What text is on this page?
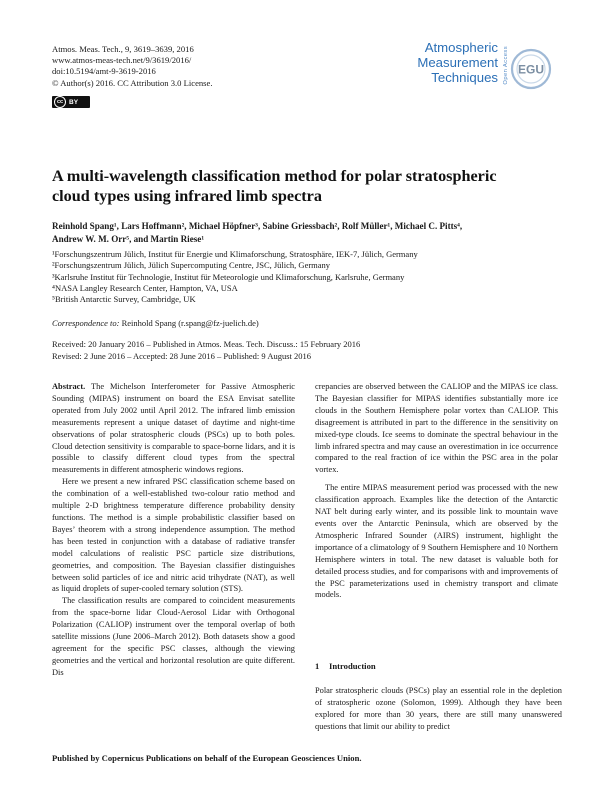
Atmos. Meas. Tech., 9, 3619–3639, 2016
www.atmos-meas-tech.net/9/3619/2016/
doi:10.5194/amt-9-3619-2016
© Author(s) 2016. CC Attribution 3.0 License.
cc BY
Atmospheric
Measurement
Techniques Open Access EGU
A multi-wavelength classification method for polar stratospheric
cloud types using infrared limb spectra
Reinhold Spang¹, Lars Hoffmann², Michael Höpfner³, Sabine Griessbach², Rolf Müller¹, Michael C. Pitts⁴,
Andrew W. M. Orr⁵, and Martin Riese¹
¹Forschungszentrum Jülich, Institut für Energie und Klimaforschung, Stratosphäre, IEK-7, Jülich, Germany
²Forschungszentrum Jülich, Jülich Supercomputing Centre, JSC, Jülich, Germany
³Karlsruhe Institut für Technologie, Institut für Meteorologie und Klimaforschung, Karlsruhe, Germany
⁴NASA Langley Research Center, Hampton, VA, USA
⁵British Antarctic Survey, Cambridge, UK
Correspondence to: Reinhold Spang (r.spang@fz-juelich.de)
Received: 20 January 2016 – Published in Atmos. Meas. Tech. Discuss.: 15 February 2016
Revised: 2 June 2016 – Accepted: 28 June 2016 – Published: 9 August 2016

Abstract. The Michelson Interferometer for Passive Atmospheric Sounding (MIPAS) instrument on board the ESA Envisat satellite operated from July 2002 until April 2012. The infrared limb emission measurements represent a unique dataset of daytime and night-time observations of polar stratospheric clouds (PSCs) up to both poles. Cloud detection sensitivity is comparable to space-borne lidars, and it is possible to classify different cloud types from the spectral measurements in different atmospheric windows regions.

Here we present a new infrared PSC classification scheme based on the combination of a well-established two-colour ratio method and multiple 2-D brightness temperature difference probability density functions. The method is a simple probabilistic classifier based on Bayes’ theorem with a strong independence assumption. The method has been tested in conjunction with a database of radiative transfer model calculations of realistic PSC particle size distributions, geometries, and composition. The Bayesian classifier distinguishes between solid particles of ice and nitric acid trihydrate (NAT), as well as liquid droplets of super-cooled ternary solution (STS).

The classification results are compared to coincident measurements from the space-borne lidar Cloud-Aerosol Lidar with Orthogonal Polarization (CALIOP) instrument over the temporal overlap of both satellite missions (June 2006–March 2012). Both datasets show a good agreement for the specific PSC classes, although the viewing geometries and the vertical and horizontal resolution are quite different. Dis

crepancies are observed between the CALIOP and the MIPAS ice class. The Bayesian classifier for MIPAS identifies substantially more ice clouds in the Southern Hemisphere polar vortex than CALIOP. This disagreement is attributed in part to the difference in the sensitivity on mixed-type clouds. Ice seems to dominate the spectral behaviour in the limb infrared spectra and may cause an overestimation in ice occurrence compared to the real fraction of ice within the PSC area in the polar vortex.

The entire MIPAS measurement period was processed with the new classification approach. Examples like the detection of the Antarctic NAT belt during early winter, and its possible link to mountain wave events over the Antarctic Peninsula, which are observed by the Atmospheric Infrared Sounder (AIRS) instrument, highlight the importance of a climatology of 9 Southern Hemisphere and 10 Northern Hemisphere winters in total. The new dataset is valuable both for detailed process studies, and for comparisons with and improvements of the PSC parameterizations used in chemistry transport and climate models.

1 Introduction
Polar stratospheric clouds (PSCs) play an essential role in the depletion of stratospheric ozone (Solomon, 1999). Although they have been explored for more than 30 years, there are still many unanswered questions that limit our ability to predict
Published by Copernicus Publications on behalf of the European Geosciences Union.
